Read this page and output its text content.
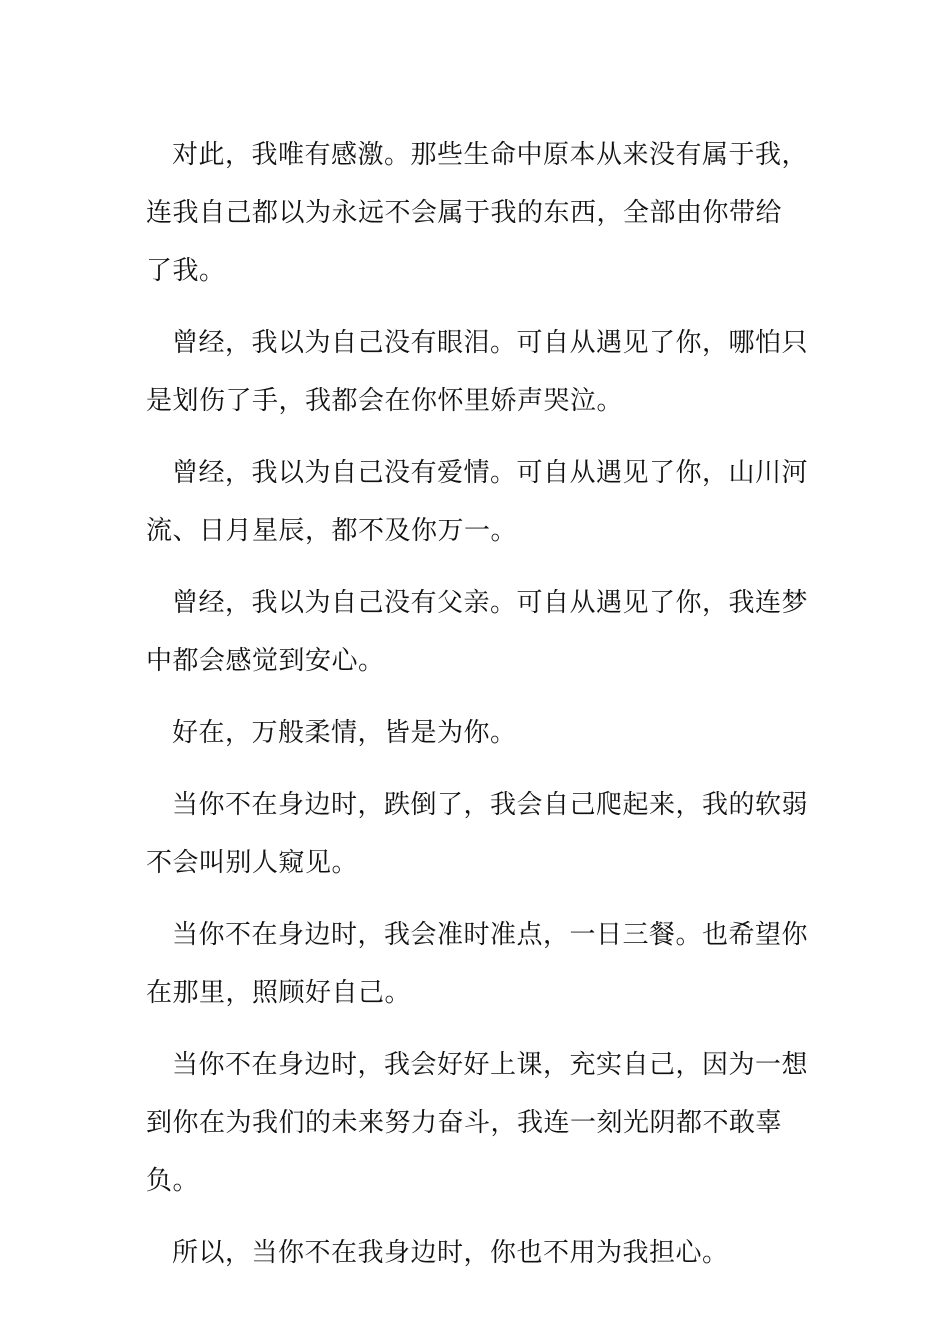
对此，我唯有感激。那些生命中原本从来没有属于我，连我自己都以为永远不会属于我的东西，全部由你带给了我。

曾经，我以为自己没有眼泪。可自从遇见了你，哪怕只是划伤了手，我都会在你怀里娇声哭泣。

曾经，我以为自己没有爱情。可自从遇见了你，山川河流、日月星辰，都不及你万一。

曾经，我以为自己没有父亲。可自从遇见了你，我连梦中都会感觉到安心。

好在，万般柔情，皆是为你。

当你不在身边时，跌倒了，我会自己爬起来，我的软弱不会叫别人窥见。

当你不在身边时，我会准时准点，一日三餐。也希望你在那里，照顾好自己。

当你不在身边时，我会好好上课，充实自己，因为一想到你在为我们的未来努力奋斗，我连一刻光阴都不敢辜负。

所以，当你不在我身边时，你也不用为我担心。
